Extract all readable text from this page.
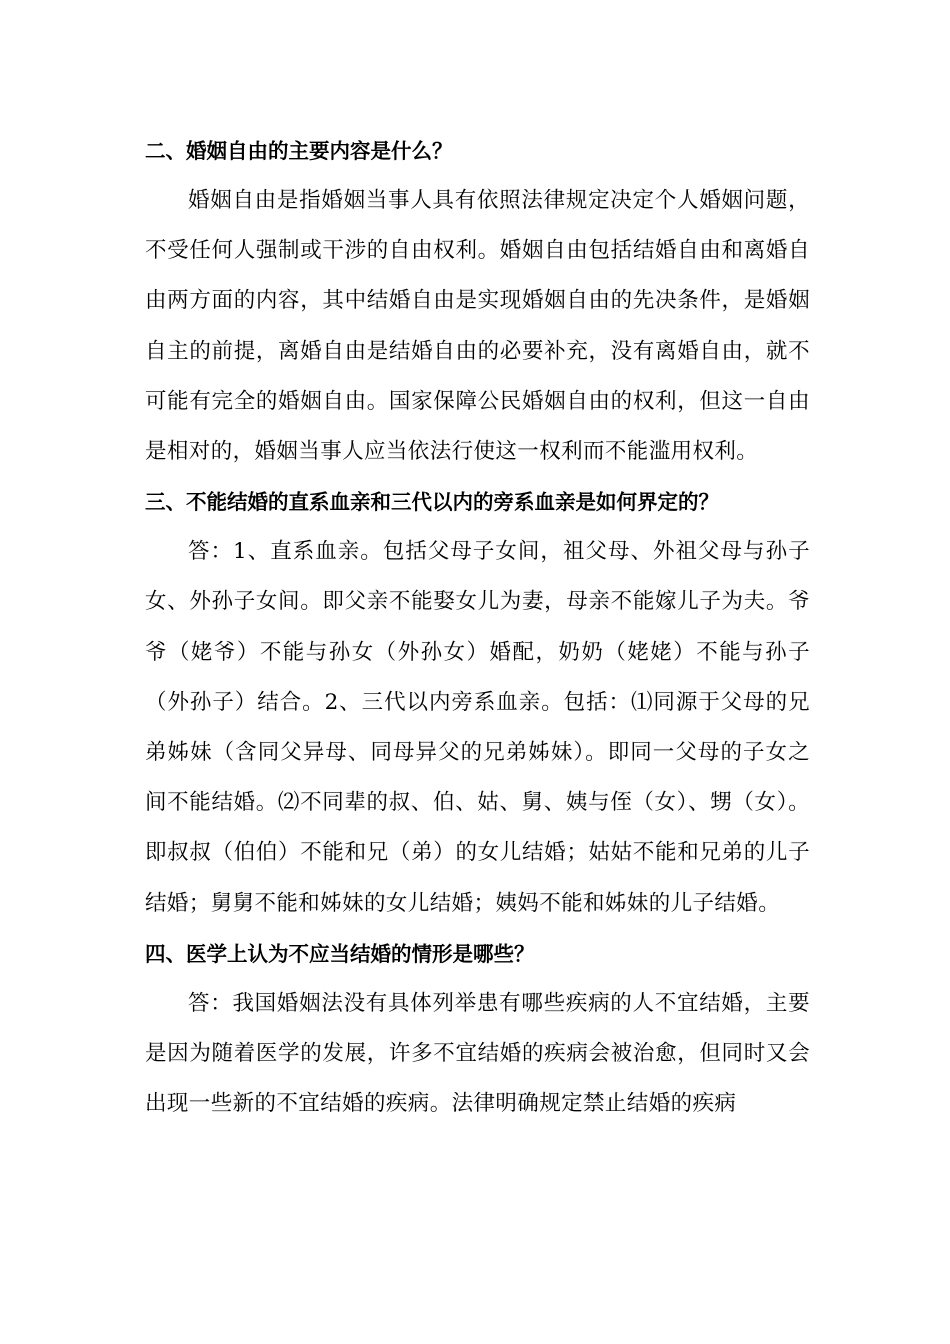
二、婚姻自由的主要内容是什么？

婚姻自由是指婚姻当事人具有依照法律规定决定个人婚姻问题，不受任何人强制或干涉的自由权利。婚姻自由包括结婚自由和离婚自由两方面的内容，其中结婚自由是实现婚姻自由的先决条件，是婚姻自主的前提，离婚自由是结婚自由的必要补充，没有离婚自由，就不可能有完全的婚姻自由。国家保障公民婚姻自由的权利，但这一自由是相对的，婚姻当事人应当依法行使这一权利而不能滥用权利。

三、不能结婚的直系血亲和三代以内的旁系血亲是如何界定的？

答：1、直系血亲。包括父母子女间，祖父母、外祖父母与孙子女、外孙子女间。即父亲不能娶女儿为妻，母亲不能嫁儿子为夫。爷爷（姥爷）不能与孙女（外孙女）婚配，奶奶（姥姥）不能与孙子（外孙子）结合。2、三代以内旁系血亲。包括：⑴同源于父母的兄弟姊妹（含同父异母、同母异父的兄弟姊妹）。即同一父母的子女之间不能结婚。⑵不同辈的叔、伯、姑、舅、姨与侄（女）、甥（女）。即叔叔（伯伯）不能和兄（弟）的女儿结婚；姑姑不能和兄弟的儿子结婚；舅舅不能和姊妹的女儿结婚；姨妈不能和姊妹的儿子结婚。

四、医学上认为不应当结婚的情形是哪些？

答：我国婚姻法没有具体列举患有哪些疾病的人不宜结婚，主要是因为随着医学的发展，许多不宜结婚的疾病会被治愈，但同时又会出现一些新的不宜结婚的疾病。法律明确规定禁止结婚的疾病
